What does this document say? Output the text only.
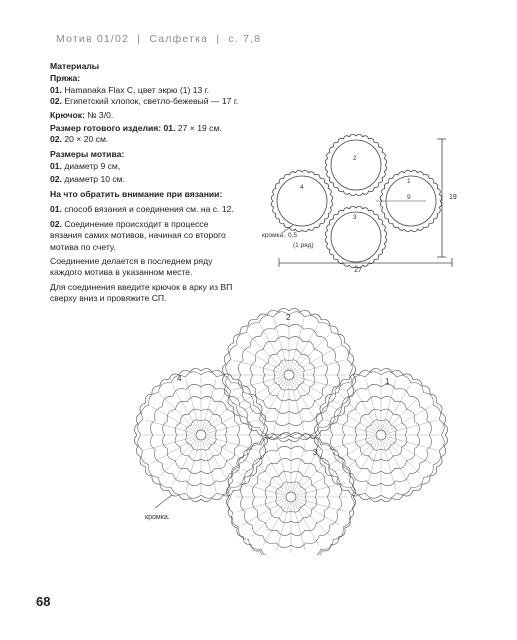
Мотив 01/02 | Салфетка | с. 7,8
Материалы
Пряжа:
01. Hamanaka Flax C, цвет экрю (1) 13 г.
02. Египетский хлопок, светло-бежевый — 17 г.
Крючок: № 3/0.
Размер готового изделия: 01. 27 × 19 см.
02. 20 × 20 см.
Размеры мотива:
01. диаметр 9 см,
02. диаметр 10 см.
На что обратить внимание при вязании:
01. способ вязания и соединения см. на с. 12.
02. Соединение происходит в процессе
вязания самих мотивов, начиная со второго
мотива по счету.
Соединение делается в последнем ряду
каждого мотива в указанном месте.
Для соединения введите крючок в арку из ВП
сверху вниз и провяжите СП.
2
1
3
4
27
19
9
кромка. 0,5
(1 ряд)
4
2
1
3
кромка.
68
